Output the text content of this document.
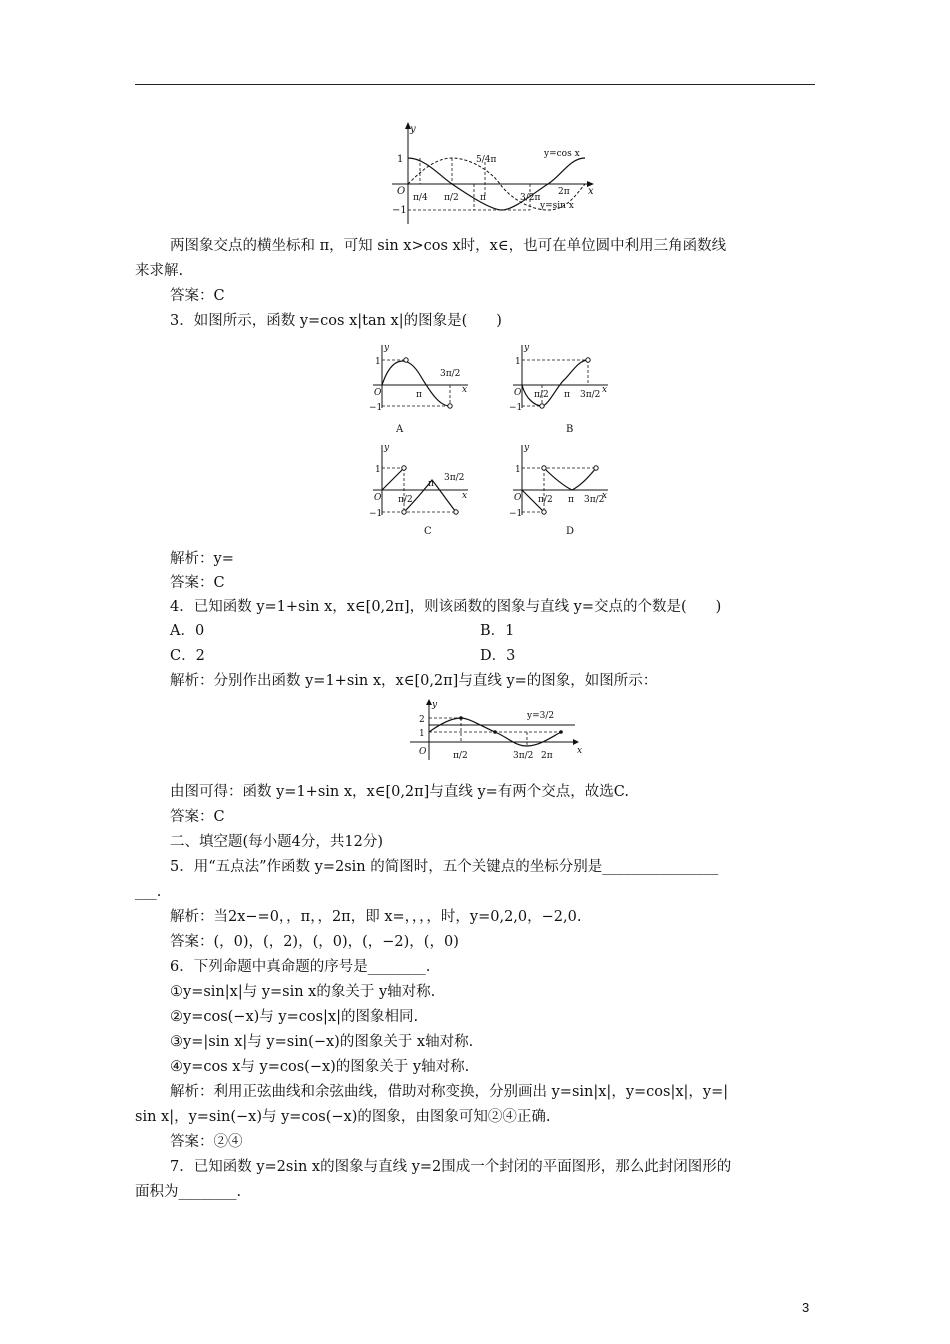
y
x
1
−1
O
π/4 π/2 π
5/4π
3/2π
2π
y=cos x
y=sin x
两图象交点的横坐标和 π，可知 sin x>cos x时，x∈，也可在单位圆中利用三角函数线
来求解.
答案：C
3．如图所示，函数 y=cos x|tan x|的图象是(　　)
y
x
1
−1
O	π
3π/2
A
y
x
1
−1
O π/2 π 3π/2
B
y
x
1
−1
O π/2
π
3π/2
C
y
x
1
−1
O π/2 π 3π/2
D
解析：y=
答案：C
4．已知函数 y=1+sin x，x∈[0,2π]，则该函数的图象与直线 y=交点的个数是(　　)
A．0	B．1
C．2	D．3
解析：分别作出函数 y=1+sin x，x∈[0,2π]与直线 y=的图象，如图所示：
y
x
2
1
O	π/2	3π/2 2π
y=3/2
由图可得：函数 y=1+sin x，x∈[0,2π]与直线 y=有两个交点，故选C.
答案：C
二、填空题(每小题4分，共12分)
5．用“五点法”作函数 y=2sin 的简图时，五个关键点的坐标分别是________________
___.
解析：当2x−=0，，π，，2π，即 x=，，，，时，y=0,2,0，−2,0.
答案：(，0)，(，2)，(，0)，(，−2)，(，0)
6．下列命题中真命题的序号是________.
①y=sin|x|与 y=sin x的象关于 y轴对称.
②y=cos(−x)与 y=cos|x|的图象相同.
③y=|sin x|与 y=sin(−x)的图象关于 x轴对称.
④y=cos x与 y=cos(−x)的图象关于 y轴对称.
解析：利用正弦曲线和余弦曲线，借助对称变换，分别画出 y=sin|x|，y=cos|x|，y=|
sin x|，y=sin(−x)与 y=cos(−x)的图象，由图象可知②④正确.
答案：②④
7．已知函数 y=2sin x的图象与直线 y=2围成一个封闭的平面图形，那么此封闭图形的
面积为________.
3
